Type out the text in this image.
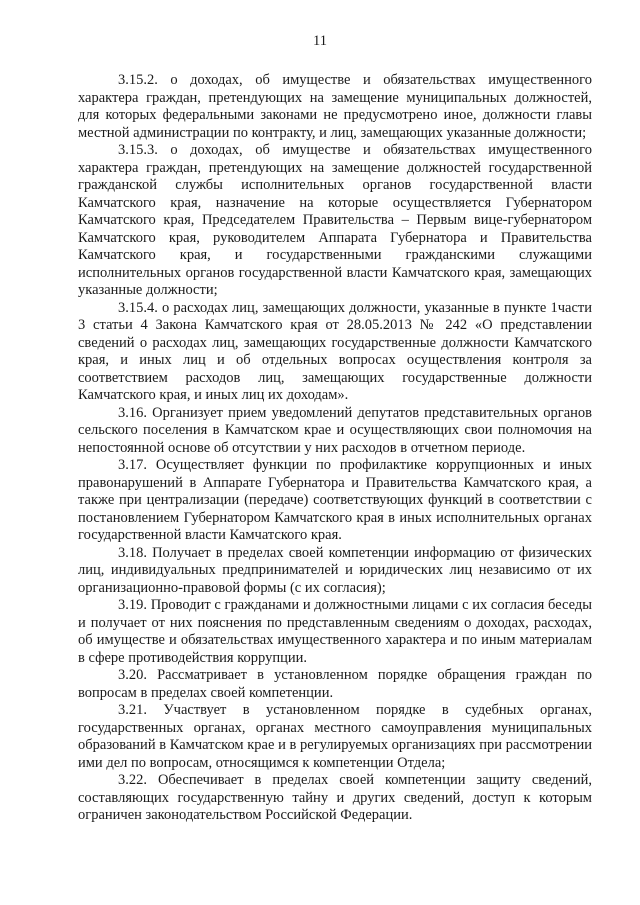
11

3.15.2. о доходах, об имуществе и обязательствах имущественного характера граждан, претендующих на замещение муниципальных должностей, для которых федеральными законами не предусмотрено иное, должности главы местной администрации по контракту, и лиц, замещающих указанные должности;

3.15.3. о доходах, об имуществе и обязательствах имущественного характера граждан, претендующих на замещение должностей государственной гражданской службы исполнительных органов государственной власти Камчатского края, назначение на которые осуществляется Губернатором Камчатского края, Председателем Правительства – Первым вице-губернатором Камчатского края, руководителем Аппарата Губернатора и Правительства Камчатского края, и государственными гражданскими служащими исполнительных органов государственной власти Камчатского края, замещающих указанные должности;

3.15.4. о расходах лиц, замещающих должности, указанные в пункте 1части 3 статьи 4 Закона Камчатского края от 28.05.2013 № 242 «О представлении сведений о расходах лиц, замещающих государственные должности Камчатского края, и иных лиц и об отдельных вопросах осуществления контроля за соответствием расходов лиц, замещающих государственные должности Камчатского края, и иных лиц их доходам».

3.16. Организует прием уведомлений депутатов представительных органов сельского поселения в Камчатском крае и осуществляющих свои полномочия на непостоянной основе об отсутствии у них расходов в отчетном периоде.

3.17. Осуществляет функции по профилактике коррупционных и иных правонарушений в Аппарате Губернатора и Правительства Камчатского края, а также при централизации (передаче) соответствующих функций в соответствии с постановлением Губернатором Камчатского края в иных исполнительных органах государственной власти Камчатского края.

3.18. Получает в пределах своей компетенции информацию от физических лиц, индивидуальных предпринимателей и юридических лиц независимо от их организационно-правовой формы (с их согласия);

3.19. Проводит с гражданами и должностными лицами с их согласия беседы и получает от них пояснения по представленным сведениям о доходах, расходах, об имуществе и обязательствах имущественного характера и по иным материалам в сфере противодействия коррупции.

3.20. Рассматривает в установленном порядке обращения граждан по вопросам в пределах своей компетенции.

3.21. Участвует в установленном порядке в судебных органах, государственных органах, органах местного самоуправления муниципальных образований в Камчатском крае и в регулируемых организациях при рассмотрении ими дел по вопросам, относящимся к компетенции Отдела;

3.22. Обеспечивает в пределах своей компетенции защиту сведений, составляющих государственную тайну и других сведений, доступ к которым ограничен законодательством Российской Федерации.
